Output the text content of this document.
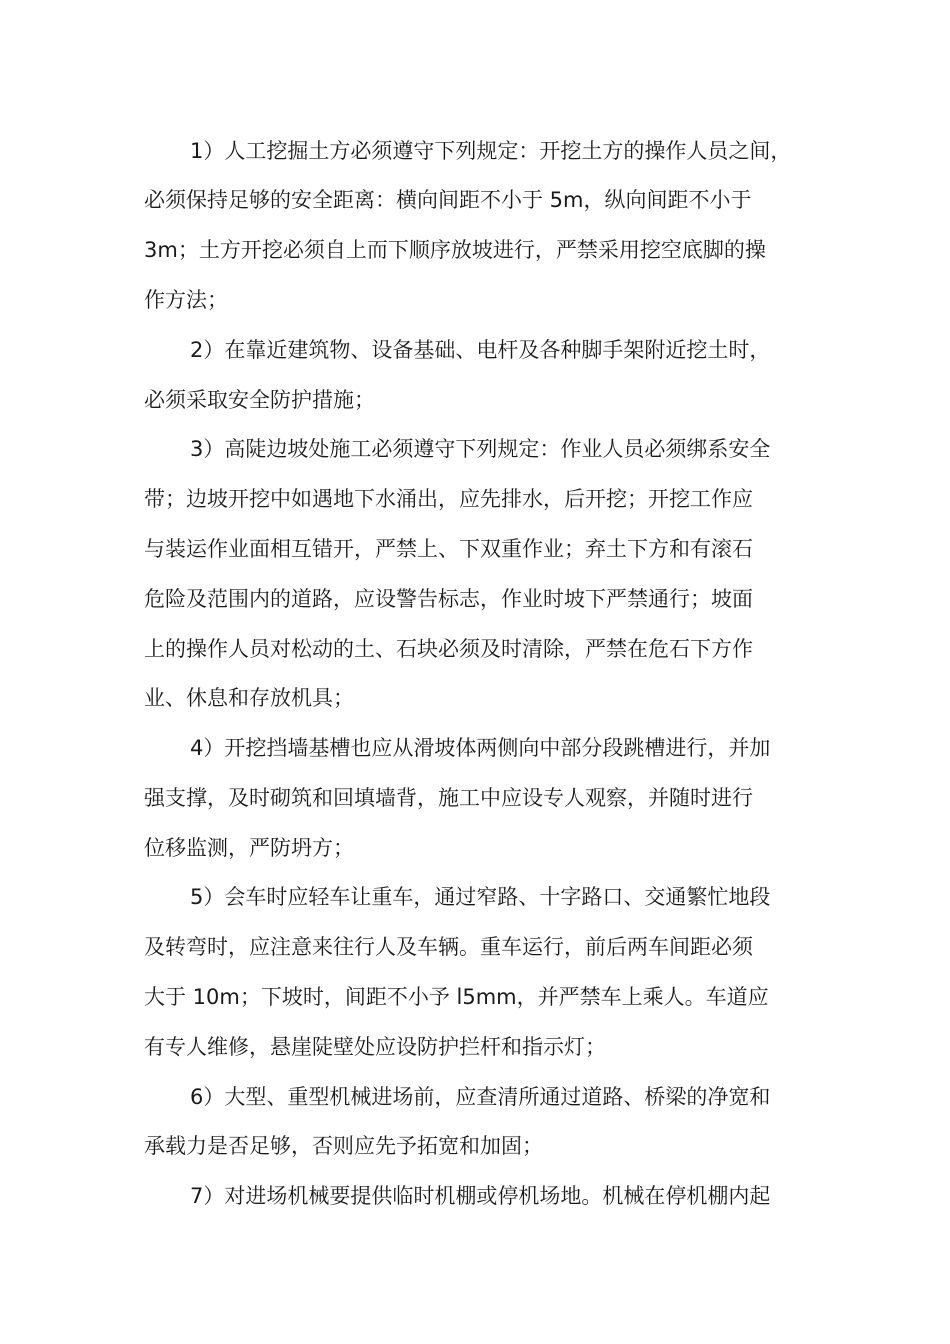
1）人工挖掘土方必须遵守下列规定：开挖土方的操作人员之间，
必须保持足够的安全距离：横向间距不小于 5m，纵向间距不小于
3m；土方开挖必须自上而下顺序放坡进行，严禁采用挖空底脚的操
作方法；
2）在靠近建筑物、设备基础、电杆及各种脚手架附近挖土时，
必须采取安全防护措施；
3）高陡边坡处施工必须遵守下列规定：作业人员必须绑系安全
带；边坡开挖中如遇地下水涌出，应先排水，后开挖；开挖工作应
与装运作业面相互错开，严禁上、下双重作业；弃土下方和有滚石
危险及范围内的道路，应设警告标志，作业时坡下严禁通行；坡面
上的操作人员对松动的土、石块必须及时清除，严禁在危石下方作
业、休息和存放机具；
4）开挖挡墙基槽也应从滑坡体两侧向中部分段跳槽进行，并加
强支撑，及时砌筑和回填墙背，施工中应设专人观察，并随时进行
位移监测，严防坍方；
5）会车时应轻车让重车，通过窄路、十字路口、交通繁忙地段
及转弯时，应注意来往行人及车辆。重车运行，前后两车间距必须
大于 10m；下坡时，间距不小予 l5mm，并严禁车上乘人。车道应
有专人维修，悬崖陡壁处应设防护拦杆和指示灯；
6）大型、重型机械进场前，应查清所通过道路、桥梁的净宽和
承载力是否足够，否则应先予拓宽和加固；
7）对进场机械要提供临时机棚或停机场地。机械在停机棚内起
